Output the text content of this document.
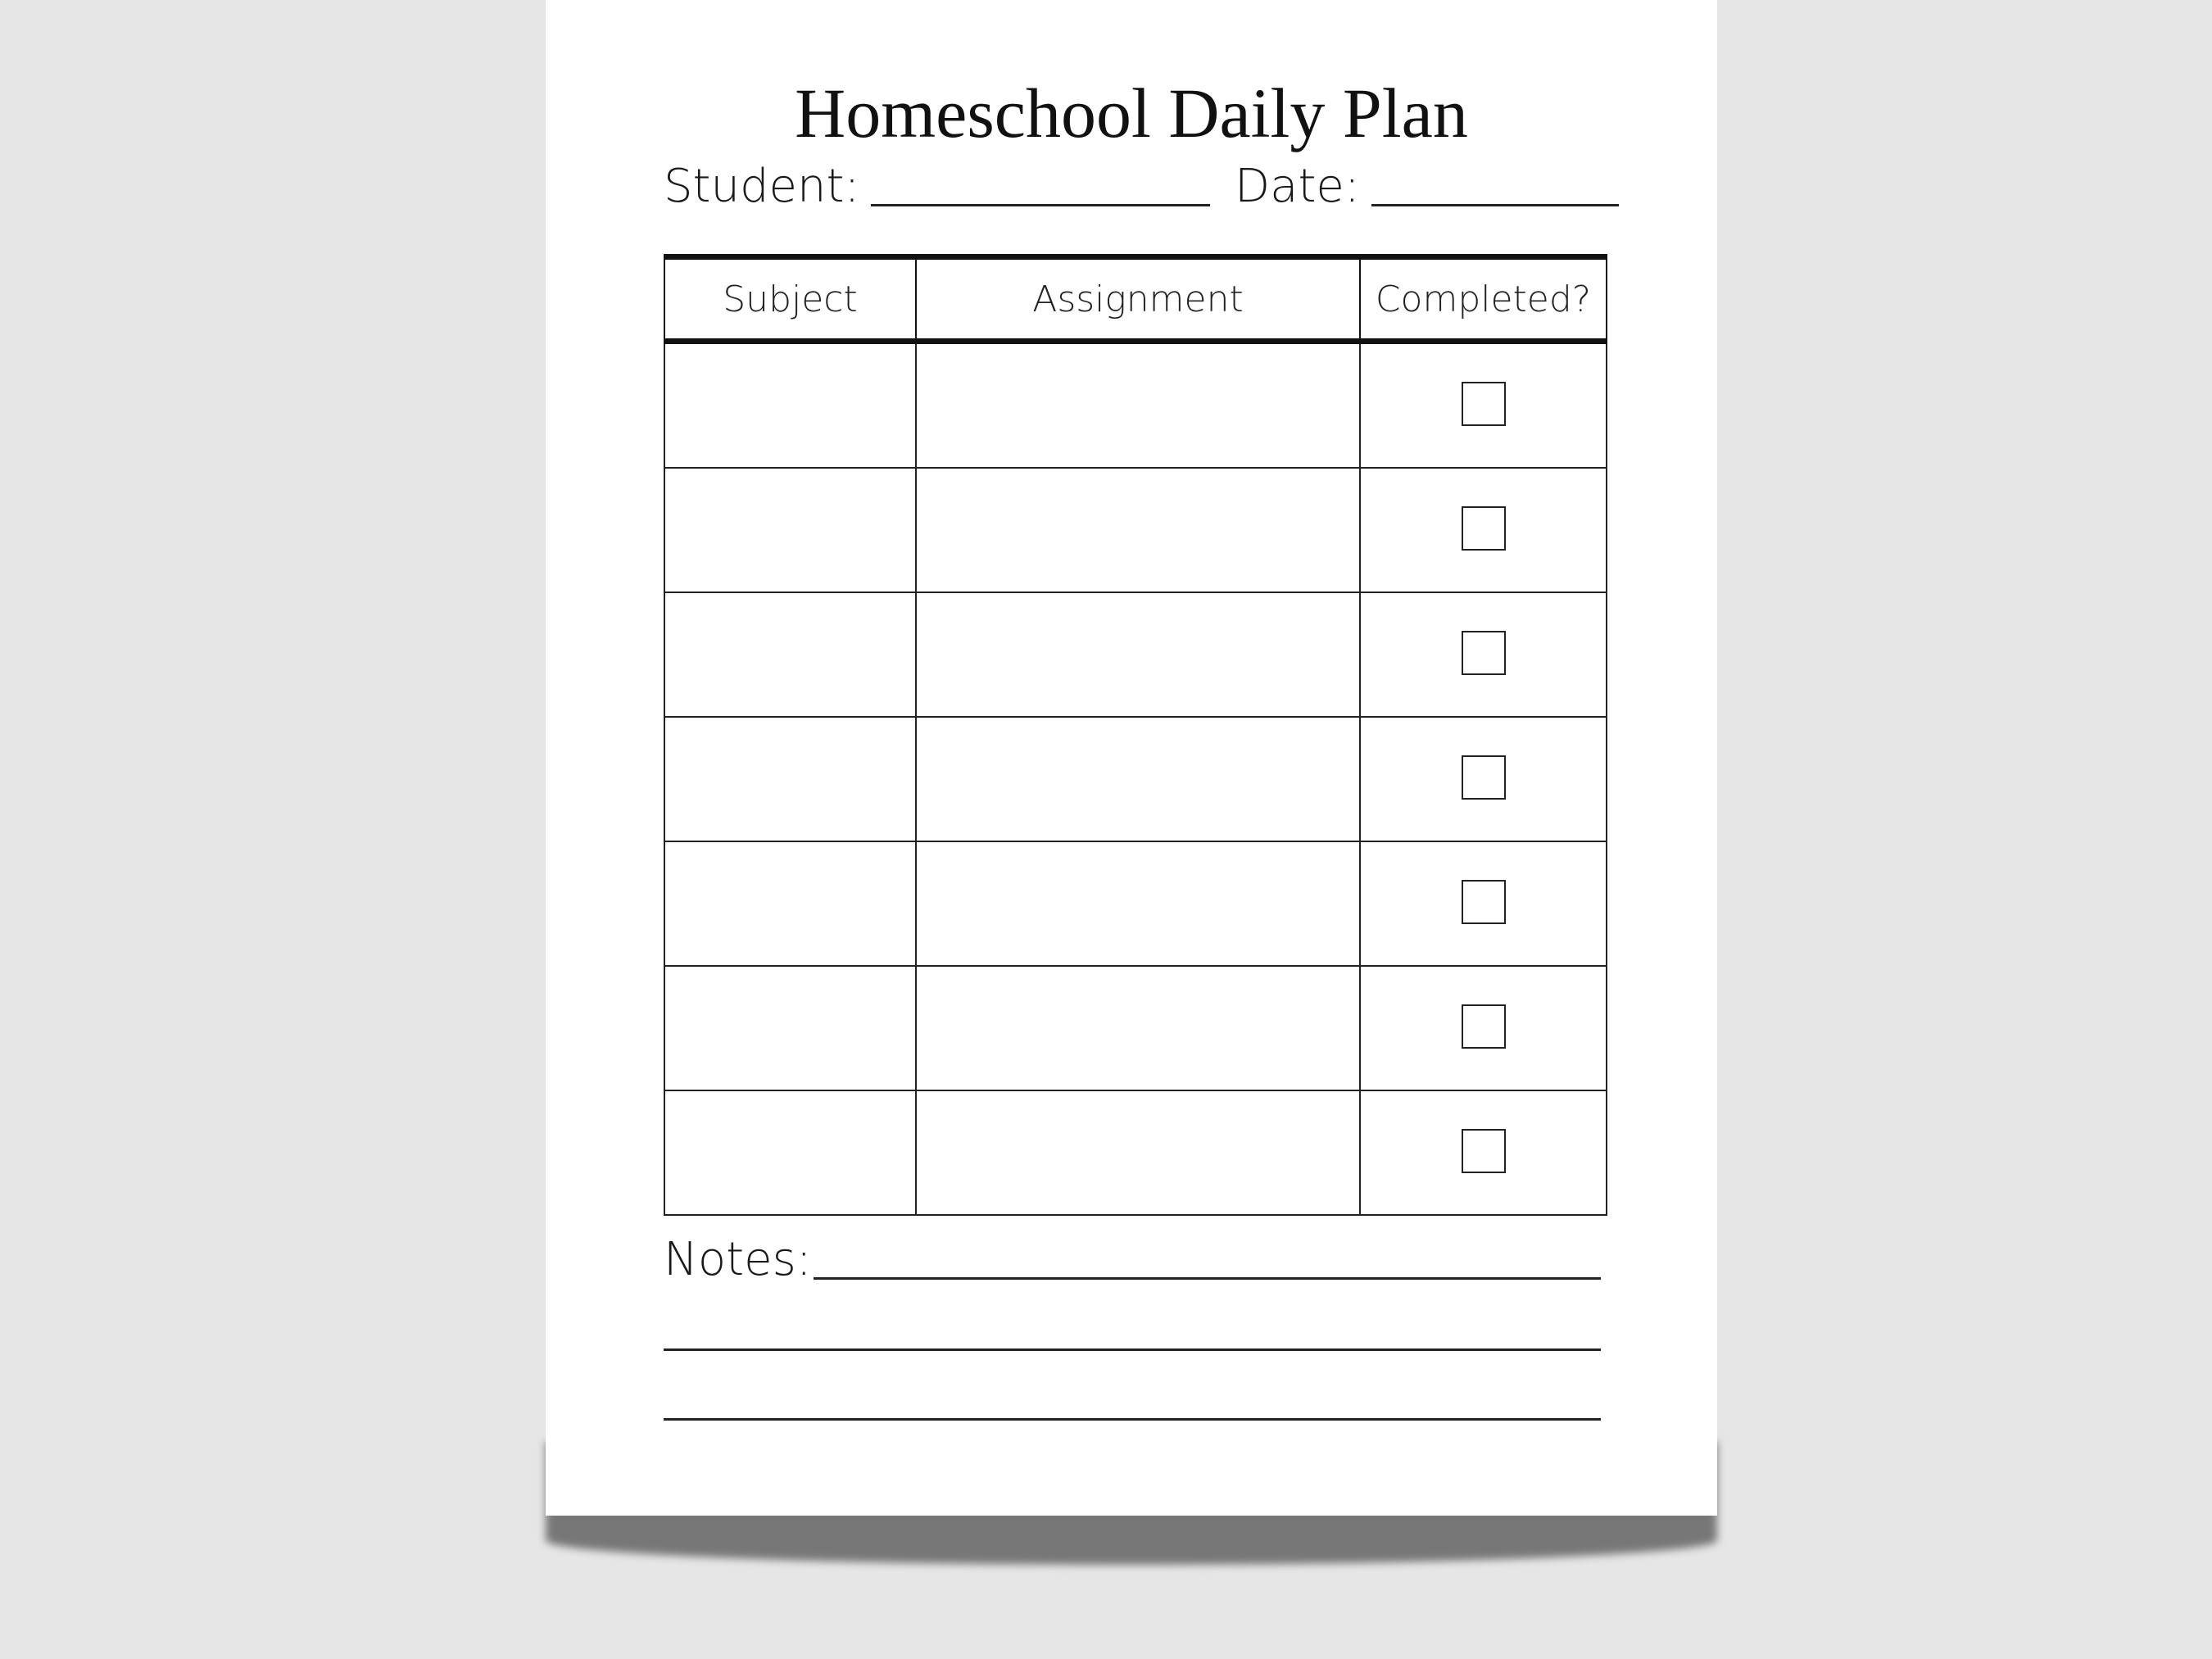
Homeschool Daily Plan
Student:	Date:
Subject	Assignment	Completed?

Notes:
